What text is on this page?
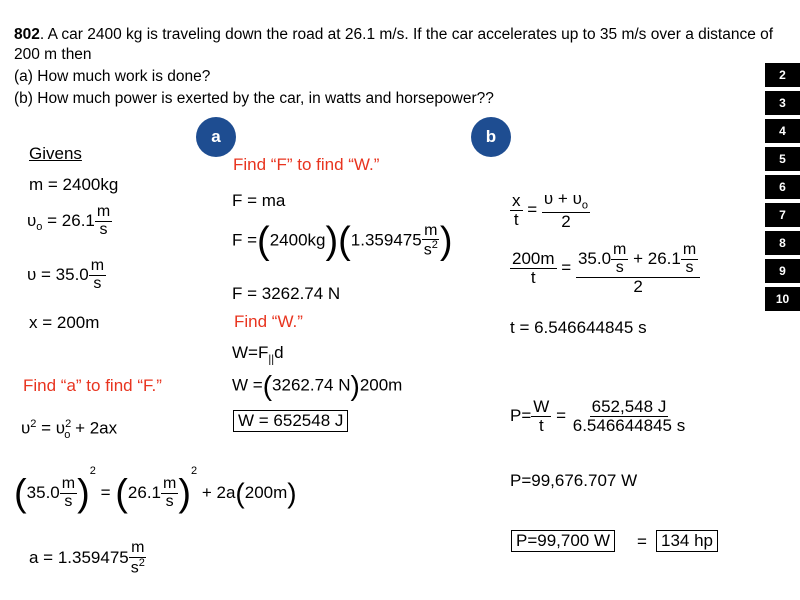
802. A car 2400 kg is traveling down the road at 26.1 m/s. If the car accelerates up to 35 m/s over a distance of
200 m then
(a) How much work is done?
(b) How much power is exerted by the car, in watts and horsepower??
a	b
2
3
4
5
6
7
8
9
10
Givens
m = 2400kg
$\upsilon_o = 26.1 \frac{m}{s}$
$\upsilon = 35.0 \frac{m}{s}$
x = 200m
Find “a” to find “F.”
$\upsilon^2 = \upsilon^2_o + 2ax$
$(35.0 \frac{m}{s} )^2 = (26.1 \frac{m}{s} )^2 + 2a(200m)$
$a = 1.359475 \frac{m}{s^2}$
Find “F” to find “W.”
F = ma
$F =(2400kg)(1.359475 \frac{m}{s^2}$ )
F = 3262.74 N
Find “W.”
$W=F_{||}d$
W =(3262.74 N)200m
W = 652548 J
$\frac{x}{t} = \frac{\upsilon + \upsilon_o}{2}$
$\frac{200m}{t} = \frac{35.0 \frac{m}{s} + 26.1 \frac{m}{s}}{2}$
t = 6.546644845 s
$P= \frac{W}{t} = \frac{652,548 J}{6.546644845 s}$
P=99,676.707 W
P=99,700 W = 134 hp
